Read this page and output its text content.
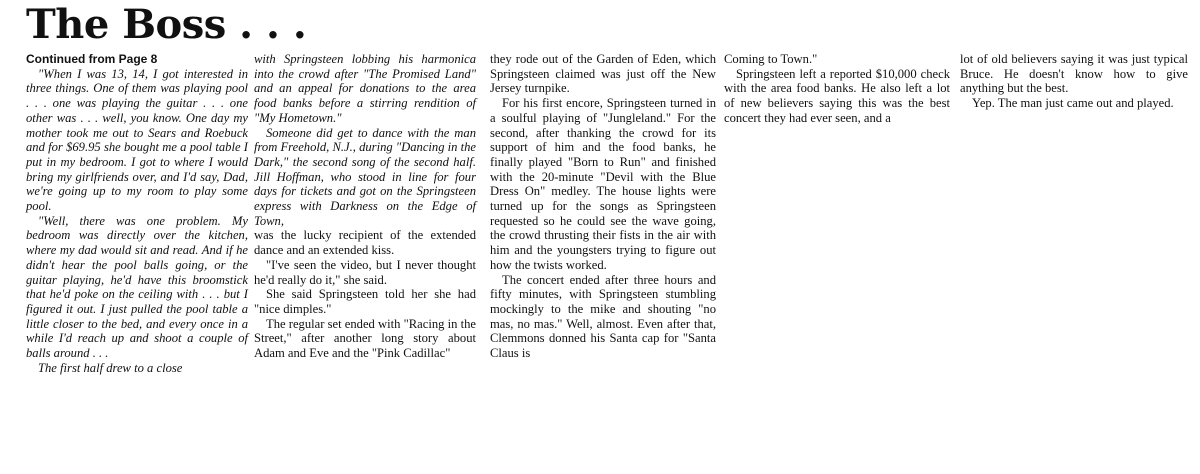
The Boss . . .

Continued from Page 8

"When I was 13, 14, I got interested in three things. One of them was playing pool . . . one was playing the guitar . . . one other was . . . well, you know. One day my mother took me out to Sears and Roebuck and for $69.95 she bought me a pool table I put in my bedroom. I got to where I would bring my girlfriends over, and I'd say, Dad, we're going up to my room to play some pool.

"Well, there was one problem. My bedroom was directly over the kitchen, where my dad would sit and read. And if he didn't hear the pool balls going, or the guitar playing, he'd have this broomstick that he'd poke on the ceiling with . . . but I figured it out. I just pulled the pool table a little closer to the bed, and every once in a while I'd reach up and shoot a couple of balls around . . .

The first half drew to a close

with Springsteen lobbing his harmonica into the crowd after "The Promised Land" and an appeal for donations to the area food banks before a stirring rendition of "My Hometown."

Someone did get to dance with the man from Freehold, N.J., during "Dancing in the Dark," the second song of the second half. Jill Hoffman, who stood in line for four days for tickets and got on the Springsteen express with Darkness on the Edge of Town,

was the lucky recipient of the extended dance and an extended kiss.

"I've seen the video, but I never thought he'd really do it," she said.

She said Springsteen told her she had "nice dimples."

The regular set ended with "Racing in the Street," after another long story about Adam and Eve and the "Pink Cadillac"

they rode out of the Garden of Eden, which Springsteen claimed was just off the New Jersey turnpike.

For his first encore, Springsteen turned in a soulful playing of "Jungleland." For the second, after thanking the crowd for its support of him and the food banks, he finally played "Born to Run" and finished with the 20-minute "Devil with the Blue Dress On" medley. The house lights were turned up for the songs as Springsteen requested so he could see the wave going, the crowd thrusting their fists in the air with him and the youngsters trying to figure out how the twists worked.

The concert ended after three hours and fifty minutes, with Springsteen stumbling mockingly to the mike and shouting "no mas, no mas." Well, almost. Even after that, Clemmons donned his Santa cap for "Santa Claus is

Coming to Town."

Springsteen left a reported $10,000 check with the area food banks. He also left a lot of new believers saying this was the best concert they had ever seen, and a

lot of old believers saying it was just typical Bruce. He doesn't know how to give anything but the best.

Yep. The man just came out and played.
